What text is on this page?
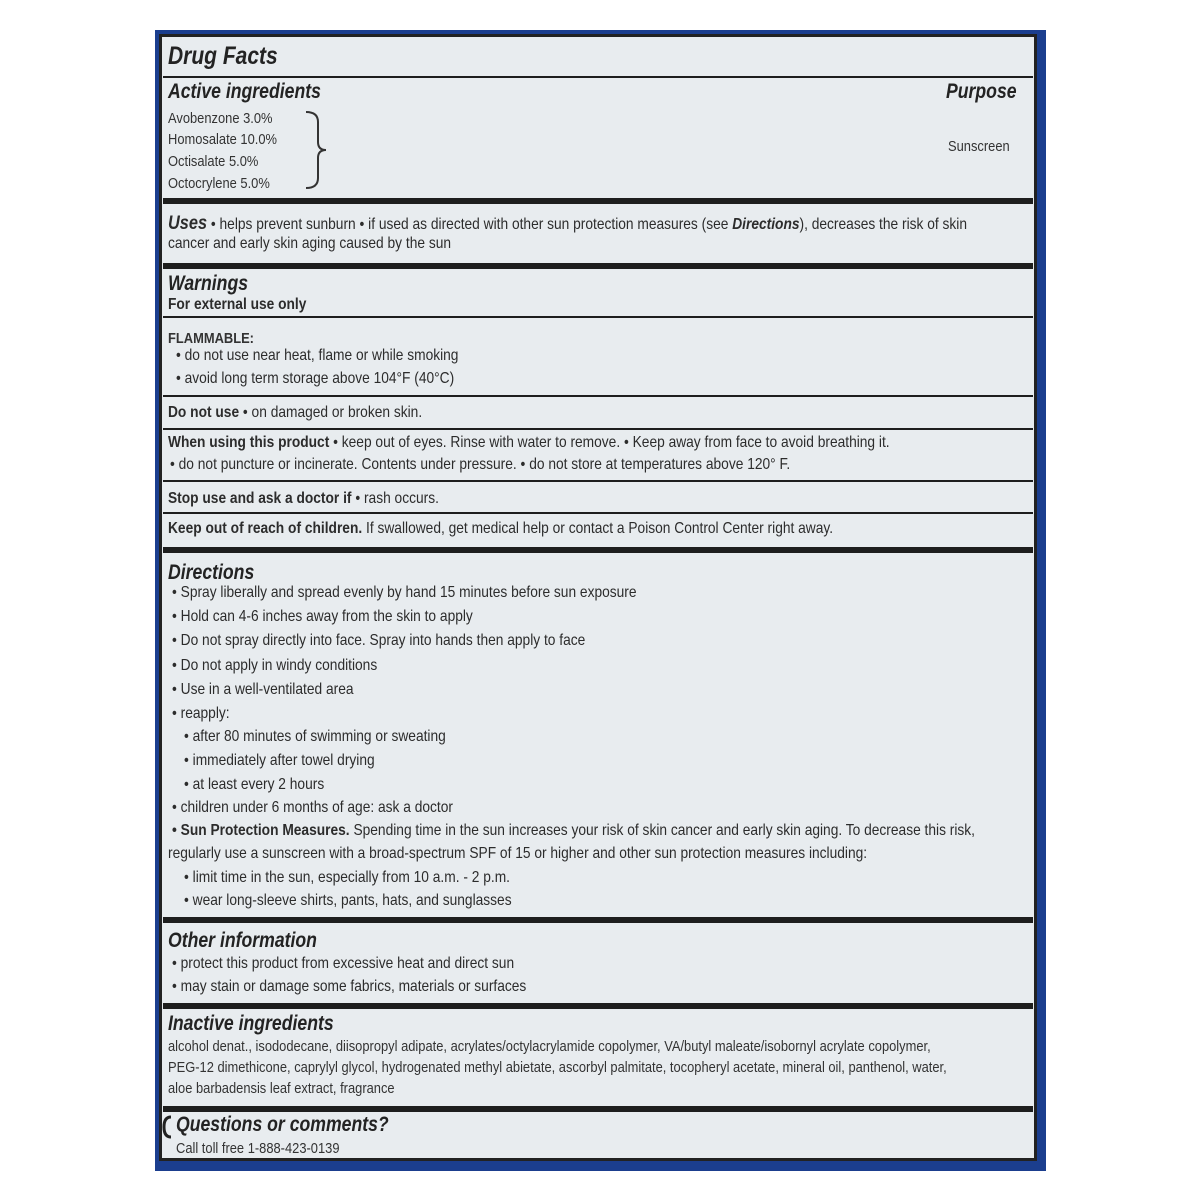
Drug Facts
Active ingredients	Purpose
Avobenzone 3.0%
Homosalate 10.0%
Octisalate 5.0%
Octocrylene 5.0%
Sunscreen
Uses • helps prevent sunburn • if used as directed with other sun protection measures (see Directions), decreases the risk of skin
cancer and early skin aging caused by the sun
Warnings
For external use only
FLAMMABLE:
• do not use near heat, flame or while smoking
• avoid long term storage above 104°F (40°C)
Do not use • on damaged or broken skin.
When using this product • keep out of eyes. Rinse with water to remove. • Keep away from face to avoid breathing it.
• do not puncture or incinerate. Contents under pressure. • do not store at temperatures above 120° F.
Stop use and ask a doctor if • rash occurs.
Keep out of reach of children. If swallowed, get medical help or contact a Poison Control Center right away.
Directions
• Spray liberally and spread evenly by hand 15 minutes before sun exposure
• Hold can 4-6 inches away from the skin to apply
• Do not spray directly into face. Spray into hands then apply to face
• Do not apply in windy conditions
• Use in a well-ventilated area
• reapply:
• after 80 minutes of swimming or sweating
• immediately after towel drying
• at least every 2 hours
• children under 6 months of age: ask a doctor
• Sun Protection Measures. Spending time in the sun increases your risk of skin cancer and early skin aging. To decrease this risk,
regularly use a sunscreen with a broad-spectrum SPF of 15 or higher and other sun protection measures including:
• limit time in the sun, especially from 10 a.m. - 2 p.m.
• wear long-sleeve shirts, pants, hats, and sunglasses
Other information
• protect this product from excessive heat and direct sun
• may stain or damage some fabrics, materials or surfaces
Inactive ingredients
alcohol denat., isododecane, diisopropyl adipate, acrylates/octylacrylamide copolymer, VA/butyl maleate/isobornyl acrylate copolymer,
PEG-12 dimethicone, caprylyl glycol, hydrogenated methyl abietate, ascorbyl palmitate, tocopheryl acetate, mineral oil, panthenol, water,
aloe barbadensis leaf extract, fragrance
Questions or comments?
Call toll free 1-888-423-0139
